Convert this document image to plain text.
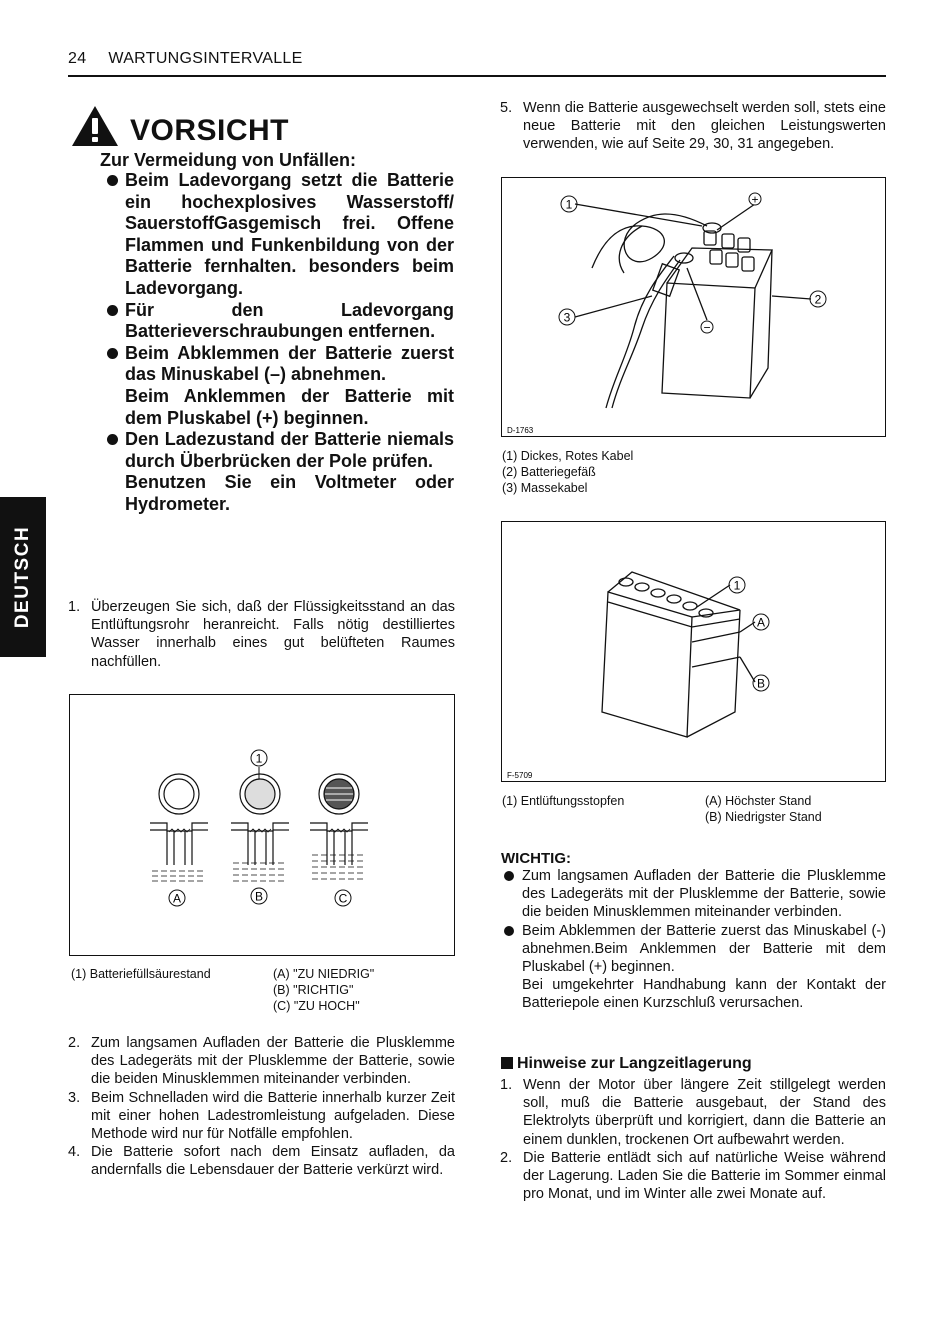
24 WARTUNGSINTERVALLE
DEUTSCH
VORSICHT
Zur Vermeidung von Unfällen:

Beim Ladevorgang setzt die Batterie ein hochexplosives Wasserstoff/ SauerstoffGasgemisch frei. Offene Flammen und Funkenbildung von der Batterie fernhalten. besonders beim Ladevorgang.

Für den Ladevorgang Batterieverschraubungen entfernen.

Beim Abklemmen der Batterie zuerst das Minuskabel (–) abnehmen.

Beim Anklemmen der Batterie mit dem Pluskabel (+) beginnen.

Den Ladezustand der Batterie niemals durch Überbrücken der Pole prüfen.

Benutzen Sie ein Voltmeter oder Hydrometer.

1. Überzeugen Sie sich, daß der Flüssigkeitsstand an das Entlüftungsrohr heranreicht. Falls nötig destilliertes Wasser innerhalb eines gut belüfteten Raumes nachfüllen.
1
A	B	C
(1) Batteriefüllsäurestand	(A) "ZU NIEDRIG"
(B) "RICHTIG"
(C) "ZU HOCH"
2. Zum langsamen Aufladen der Batterie die Plusklemme des Ladegeräts mit der Plusklemme der Batterie, sowie die beiden Minusklemmen miteinander verbinden.
3. Beim Schnelladen wird die Batterie innerhalb kurzer Zeit mit einer hohen Ladestromleistung aufgeladen. Diese Methode wird nur für Notfälle empfohlen.
4. Die Batterie sofort nach dem Einsatz aufladen, da andernfalls die Lebensdauer der Batterie verkürzt wird.
5. Wenn die Batterie ausgewechselt werden soll, stets eine neue Batterie mit den gleichen Leistungswerten verwenden, wie auf Seite 29, 30, 31 angegeben.
1	+
2
3
−
D-1763
(1) Dickes, Rotes Kabel
(2) Batteriegefäß
(3) Massekabel
1
A
B
F-5709
(1) Entlüftungsstopfen	(A) Höchster Stand
(B) Niedrigster Stand
WICHTIG:

Zum langsamen Aufladen der Batterie die Plusklemme des Ladegeräts mit der Plusklemme der Batterie, sowie die beiden Minusklemmen miteinander verbinden.

Beim Abklemmen der Batterie zuerst das Minuskabel (-) abnehmen.Beim Anklemmen der Batterie mit dem Pluskabel (+) beginnen.

Bei umgekehrter Handhabung kann der Kontakt der Batteriepole einen Kurzschluß verursachen.

Hinweise zur Langzeitlagerung
1. Wenn der Motor über längere Zeit stillgelegt werden soll, muß die Batterie ausgebaut, der Stand des Elektrolyts überprüft und korrigiert, dann die Batterie an einem dunklen, trockenen Ort aufbewahrt werden.
2. Die Batterie entlädt sich auf natürliche Weise während der Lagerung. Laden Sie die Batterie im Sommer einmal pro Monat, und im Winter alle zwei Monate auf.
